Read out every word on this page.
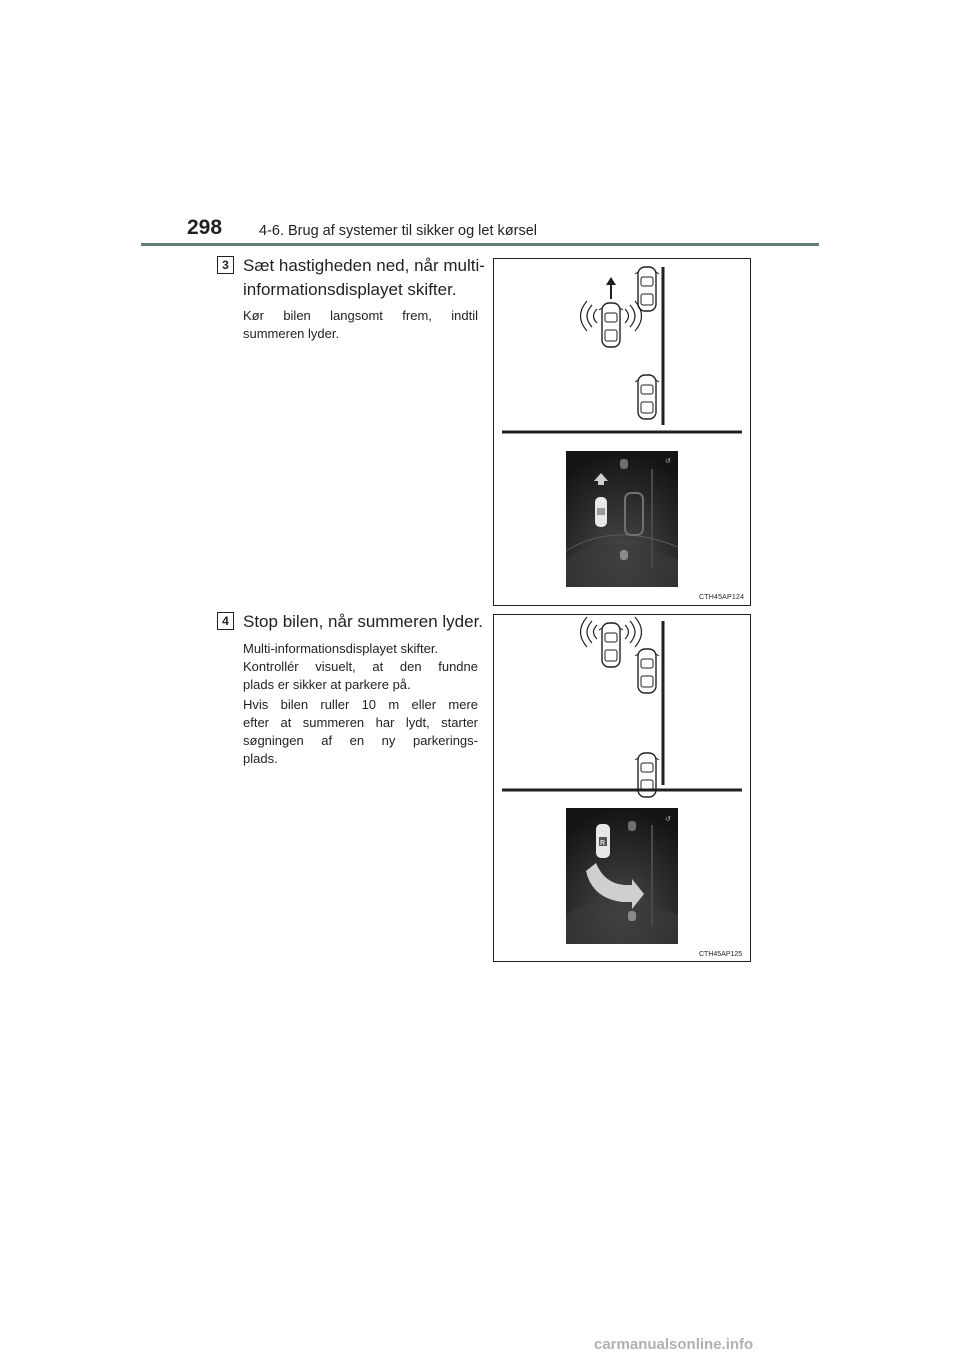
298	4-6. Brug af systemer til sikker og let kørsel
3 Sæt hastigheden ned, når multi-
informationsdisplayet skifter.
Kør bilen langsomt frem, indtil
summeren lyder.
↺
CTH45AP124
4 Stop bilen, når summeren lyder.
Multi-informationsdisplayet skifter.
Kontrollér visuelt, at den fundne
plads er sikker at parkere på.
Hvis bilen ruller 10 m eller mere
efter at summeren har lydt, starter
søgningen af en ny parkerings-
plads.
R
↺
CTH45AP125
carmanualsonline.info
